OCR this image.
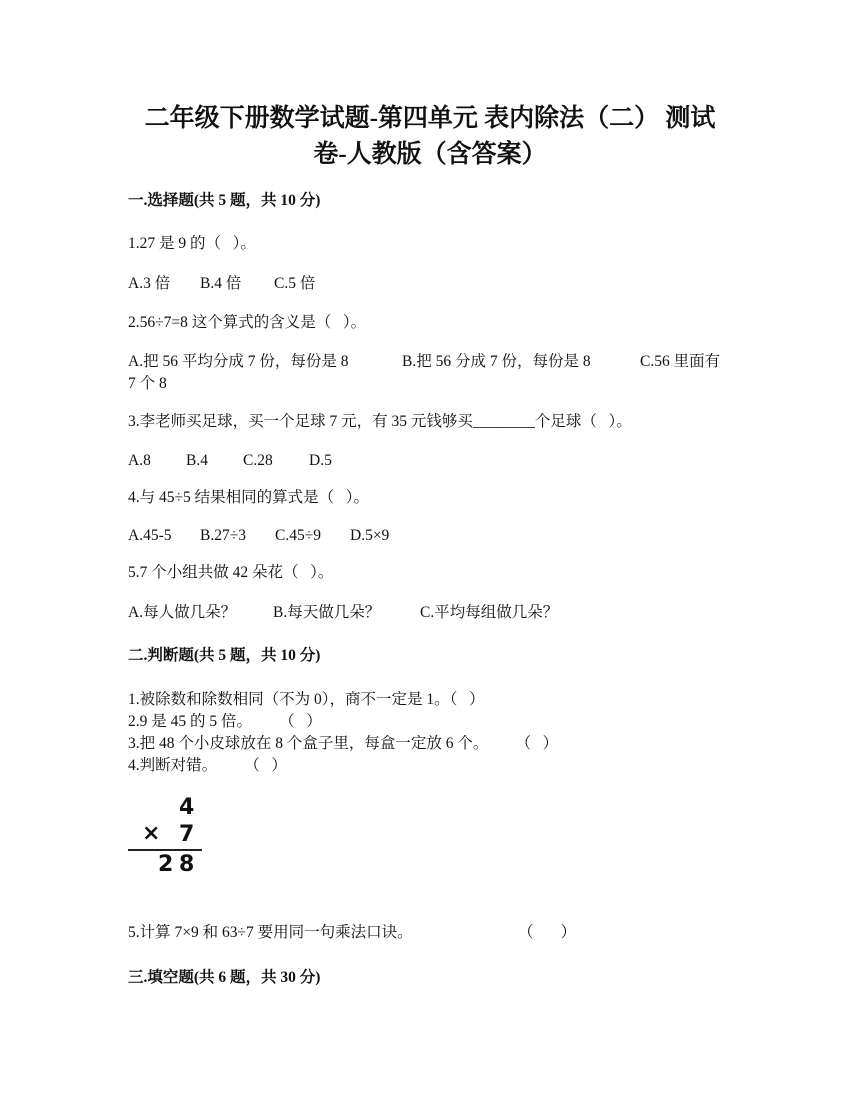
二年级下册数学试题-第四单元 表内除法（二） 测试
卷-人教版（含答案）
一.选择题(共 5 题，共 10 分)
1.27 是 9 的（   ）。
A.3 倍 B.4 倍 C.5 倍
2.56÷7=8 这个算式的含义是（   ）。
A.把 56 平均分成 7 份，每份是 8	B.把 56 分成 7 份，每份是 8	C.56 里面有
7 个 8
3.李老师买足球，买一个足球 7 元，有 35 元钱够买________个足球（   ）。
A.8 B.4 C.28 D.5
4.与 45÷5 结果相同的算式是（   ）。
A.45-5 B.27÷3 C.45÷9 D.5×9
5.7 个小组共做 42 朵花（   ）。
A.每人做几朵？ B.每天做几朵？	C.平均每组做几朵？
二.判断题(共 5 题，共 10 分)
1.被除数和除数相同（不为 0），商不一定是 1。（   ）
2.9 是 45 的 5 倍。       （   ）
3.把 48 个小皮球放在 8 个盒子里，每盒一定放 6 个。       （   ）
4.判断对错。       （   ）
4
× 7
2 8
5.计算 7×9 和 63÷7 要用同一句乘法口诀。	（       ）
三.填空题(共 6 题，共 30 分)
